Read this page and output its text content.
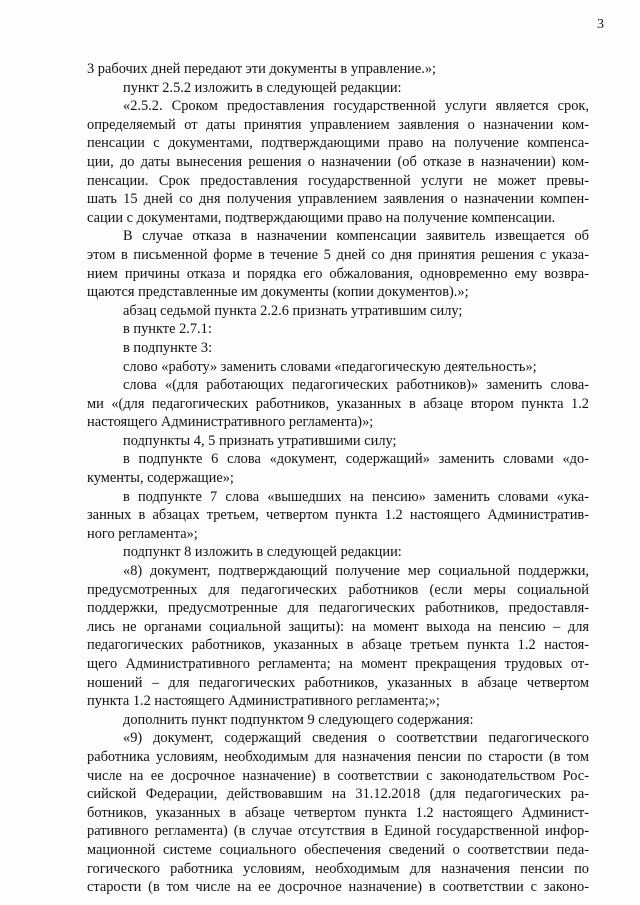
3
3 рабочих дней передают эти документы в управление.»;
пункт 2.5.2 изложить в следующей редакции:
«2.5.2. Сроком предоставления государственной услуги является срок,
определяемый от даты принятия управлением заявления о назначении ком-
пенсации с документами, подтверждающими право на получение компенса-
ции, до даты вынесения решения о назначении (об отказе в назначении) ком-
пенсации. Срок предоставления государственной услуги не может превы-
шать 15 дней со дня получения управлением заявления о назначении компен-
сации с документами, подтверждающими право на получение компенсации.
В случае отказа в назначении компенсации заявитель извещается об
этом в письменной форме в течение 5 дней со дня принятия решения с указа-
нием причины отказа и порядка его обжалования, одновременно ему возвра-
щаются представленные им документы (копии документов).»;
абзац седьмой пункта 2.2.6 признать утратившим силу;
в пункте 2.7.1:
в подпункте 3:
слово «работу» заменить словами «педагогическую деятельность»;
слова «(для работающих педагогических работников)» заменить слова-
ми «(для педагогических работников, указанных в абзаце втором пункта 1.2
настоящего Административного регламента)»;
подпункты 4, 5 признать утратившими силу;
в подпункте 6 слова «документ, содержащий» заменить словами «до-
кументы, содержащие»;
в подпункте 7 слова «вышедших на пенсию» заменить словами «ука-
занных в абзацах третьем, четвертом пункта 1.2 настоящего Административ-
ного регламента»;
подпункт 8 изложить в следующей редакции:
«8) документ, подтверждающий получение мер социальной поддержки,
предусмотренных для педагогических работников (если меры социальной
поддержки, предусмотренные для педагогических работников, предоставля-
лись не органами социальной защиты): на момент выхода на пенсию – для
педагогических работников, указанных в абзаце третьем пункта 1.2 настоя-
щего Административного регламента; на момент прекращения трудовых от-
ношений – для педагогических работников, указанных в абзаце четвертом
пункта 1.2 настоящего Административного регламента;»;
дополнить пункт подпунктом 9 следующего содержания:
«9) документ, содержащий сведения о соответствии педагогического
работника условиям, необходимым для назначения пенсии по старости (в том
числе на ее досрочное назначение) в соответствии с законодательством Рос-
сийской Федерации, действовавшим на 31.12.2018 (для педагогических ра-
ботников, указанных в абзаце четвертом пункта 1.2 настоящего Админист-
ративного регламента) (в случае отсутствия в Единой государственной инфор-
мационной системе социального обеспечения сведений о соответствии педа-
гогического работника условиям, необходимым для назначения пенсии по
старости (в том числе на ее досрочное назначение) в соответствии с законо-
